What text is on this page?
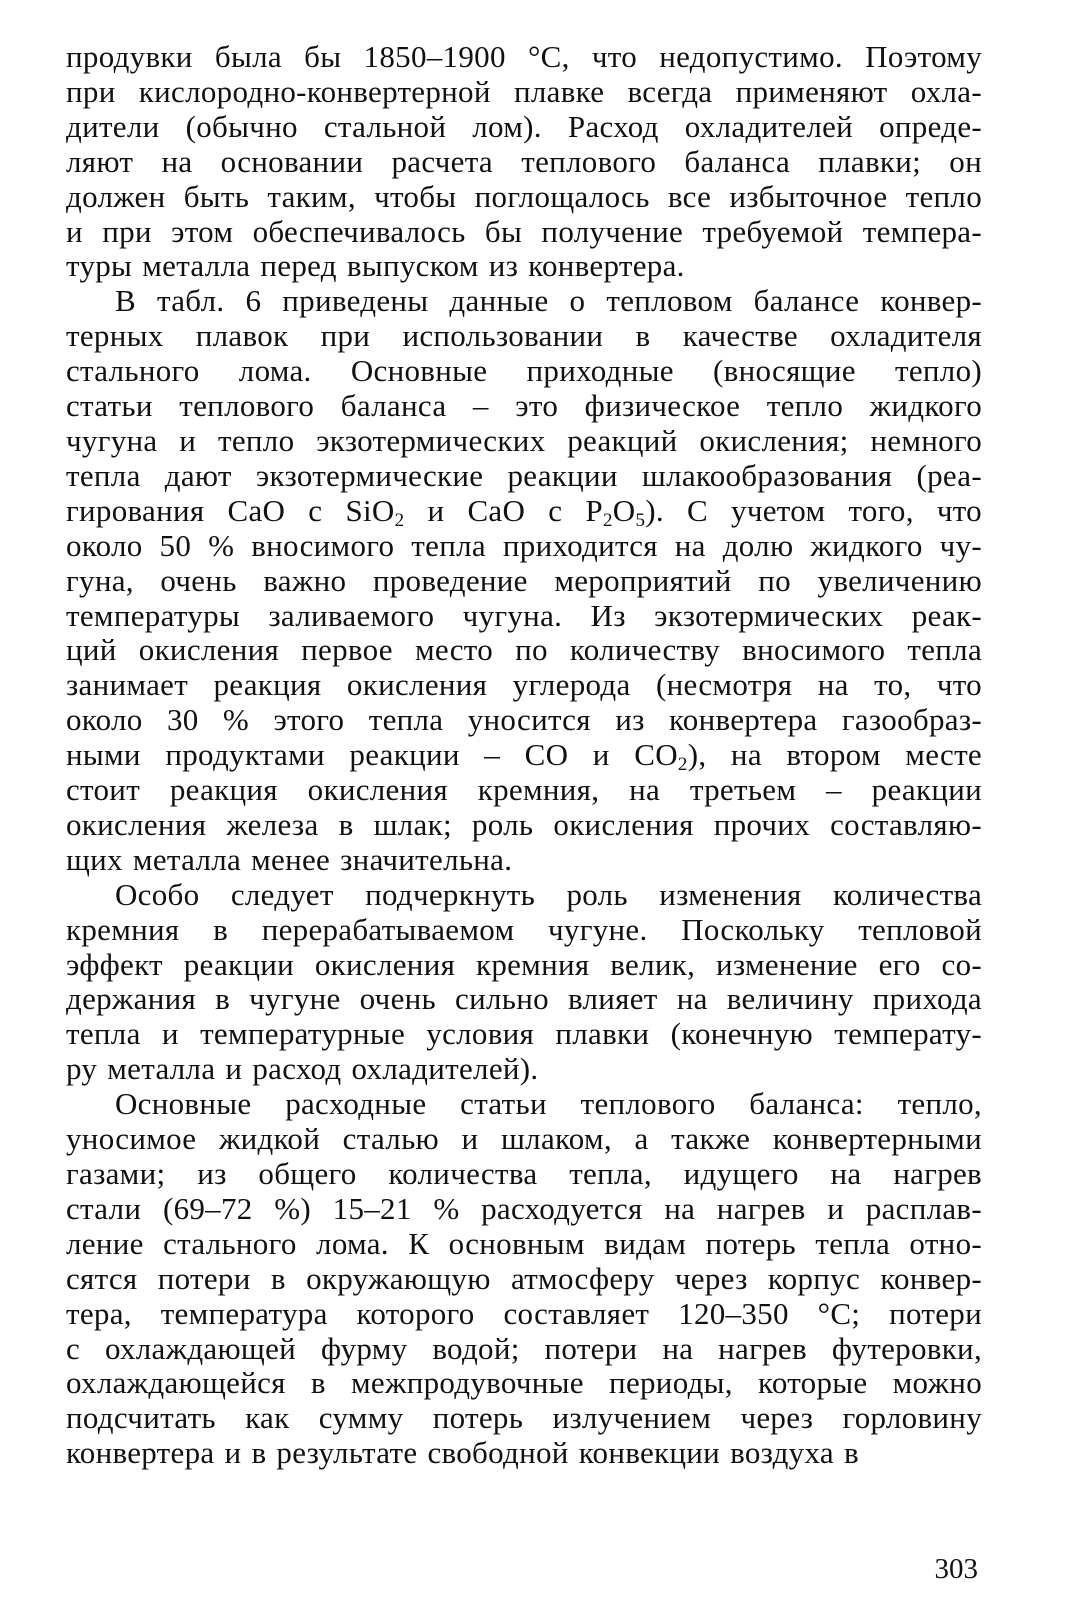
продувки была бы 1850–1900 °С, что недопустимо. Поэтому
при кислородно-конвертерной плавке всегда применяют охла-
дители (обычно стальной лом). Расход охладителей опреде-
ляют на основании расчета теплового баланса плавки; он
должен быть таким, чтобы поглощалось все избыточное тепло
и при этом обеспечивалось бы получение требуемой темпера-
туры металла перед выпуском из конвертера.

В табл. 6 приведены данные о тепловом балансе конвер-
терных плавок при использовании в качестве охладителя
стального лома. Основные приходные (вносящие тепло)
статьи теплового баланса – это физическое тепло жидкого
чугуна и тепло экзотермических реакций окисления; немного
тепла дают экзотермические реакции шлакообразования (реа-
гирования CaO с SiO$_2$ и CaO с $P_2O_5$). С учетом того, что
около 50 % вносимого тепла приходится на долю жидкого чу-
гуна, очень важно проведение мероприятий по увеличению
температуры заливаемого чугуна. Из экзотермических реак-
ций окисления первое место по количеству вносимого тепла
занимает реакция окисления углерода (несмотря на то, что
около 30 % этого тепла уносится из конвертера газообраз-
ными продуктами реакции – CO и $CO_2$), на втором месте
стоит реакция окисления кремния, на третьем – реакции
окисления железа в шлак; роль окисления прочих составляю-
щих металла менее значительна.

Особо следует подчеркнуть роль изменения количества
кремния в перерабатываемом чугуне. Поскольку тепловой
эффект реакции окисления кремния велик, изменение его со-
держания в чугуне очень сильно влияет на величину прихода
тепла и температурные условия плавки (конечную температу-
ру металла и расход охладителей).

Основные расходные статьи теплового баланса: тепло,
уносимое жидкой сталью и шлаком, а также конвертерными
газами; из общего количества тепла, идущего на нагрев
стали (69–72 %) 15–21 % расходуется на нагрев и расплав-
ление стального лома. К основным видам потерь тепла отно-
сятся потери в окружающую атмосферу через корпус конвер-
тера, температура которого составляет 120–350 °С; потери
с охлаждающей фурму водой; потери на нагрев футеровки,
охлаждающейся в межпродувочные периоды, которые можно
подсчитать как сумму потерь излучением через горловину
конвертера и в результате свободной конвекции воздуха в

303
